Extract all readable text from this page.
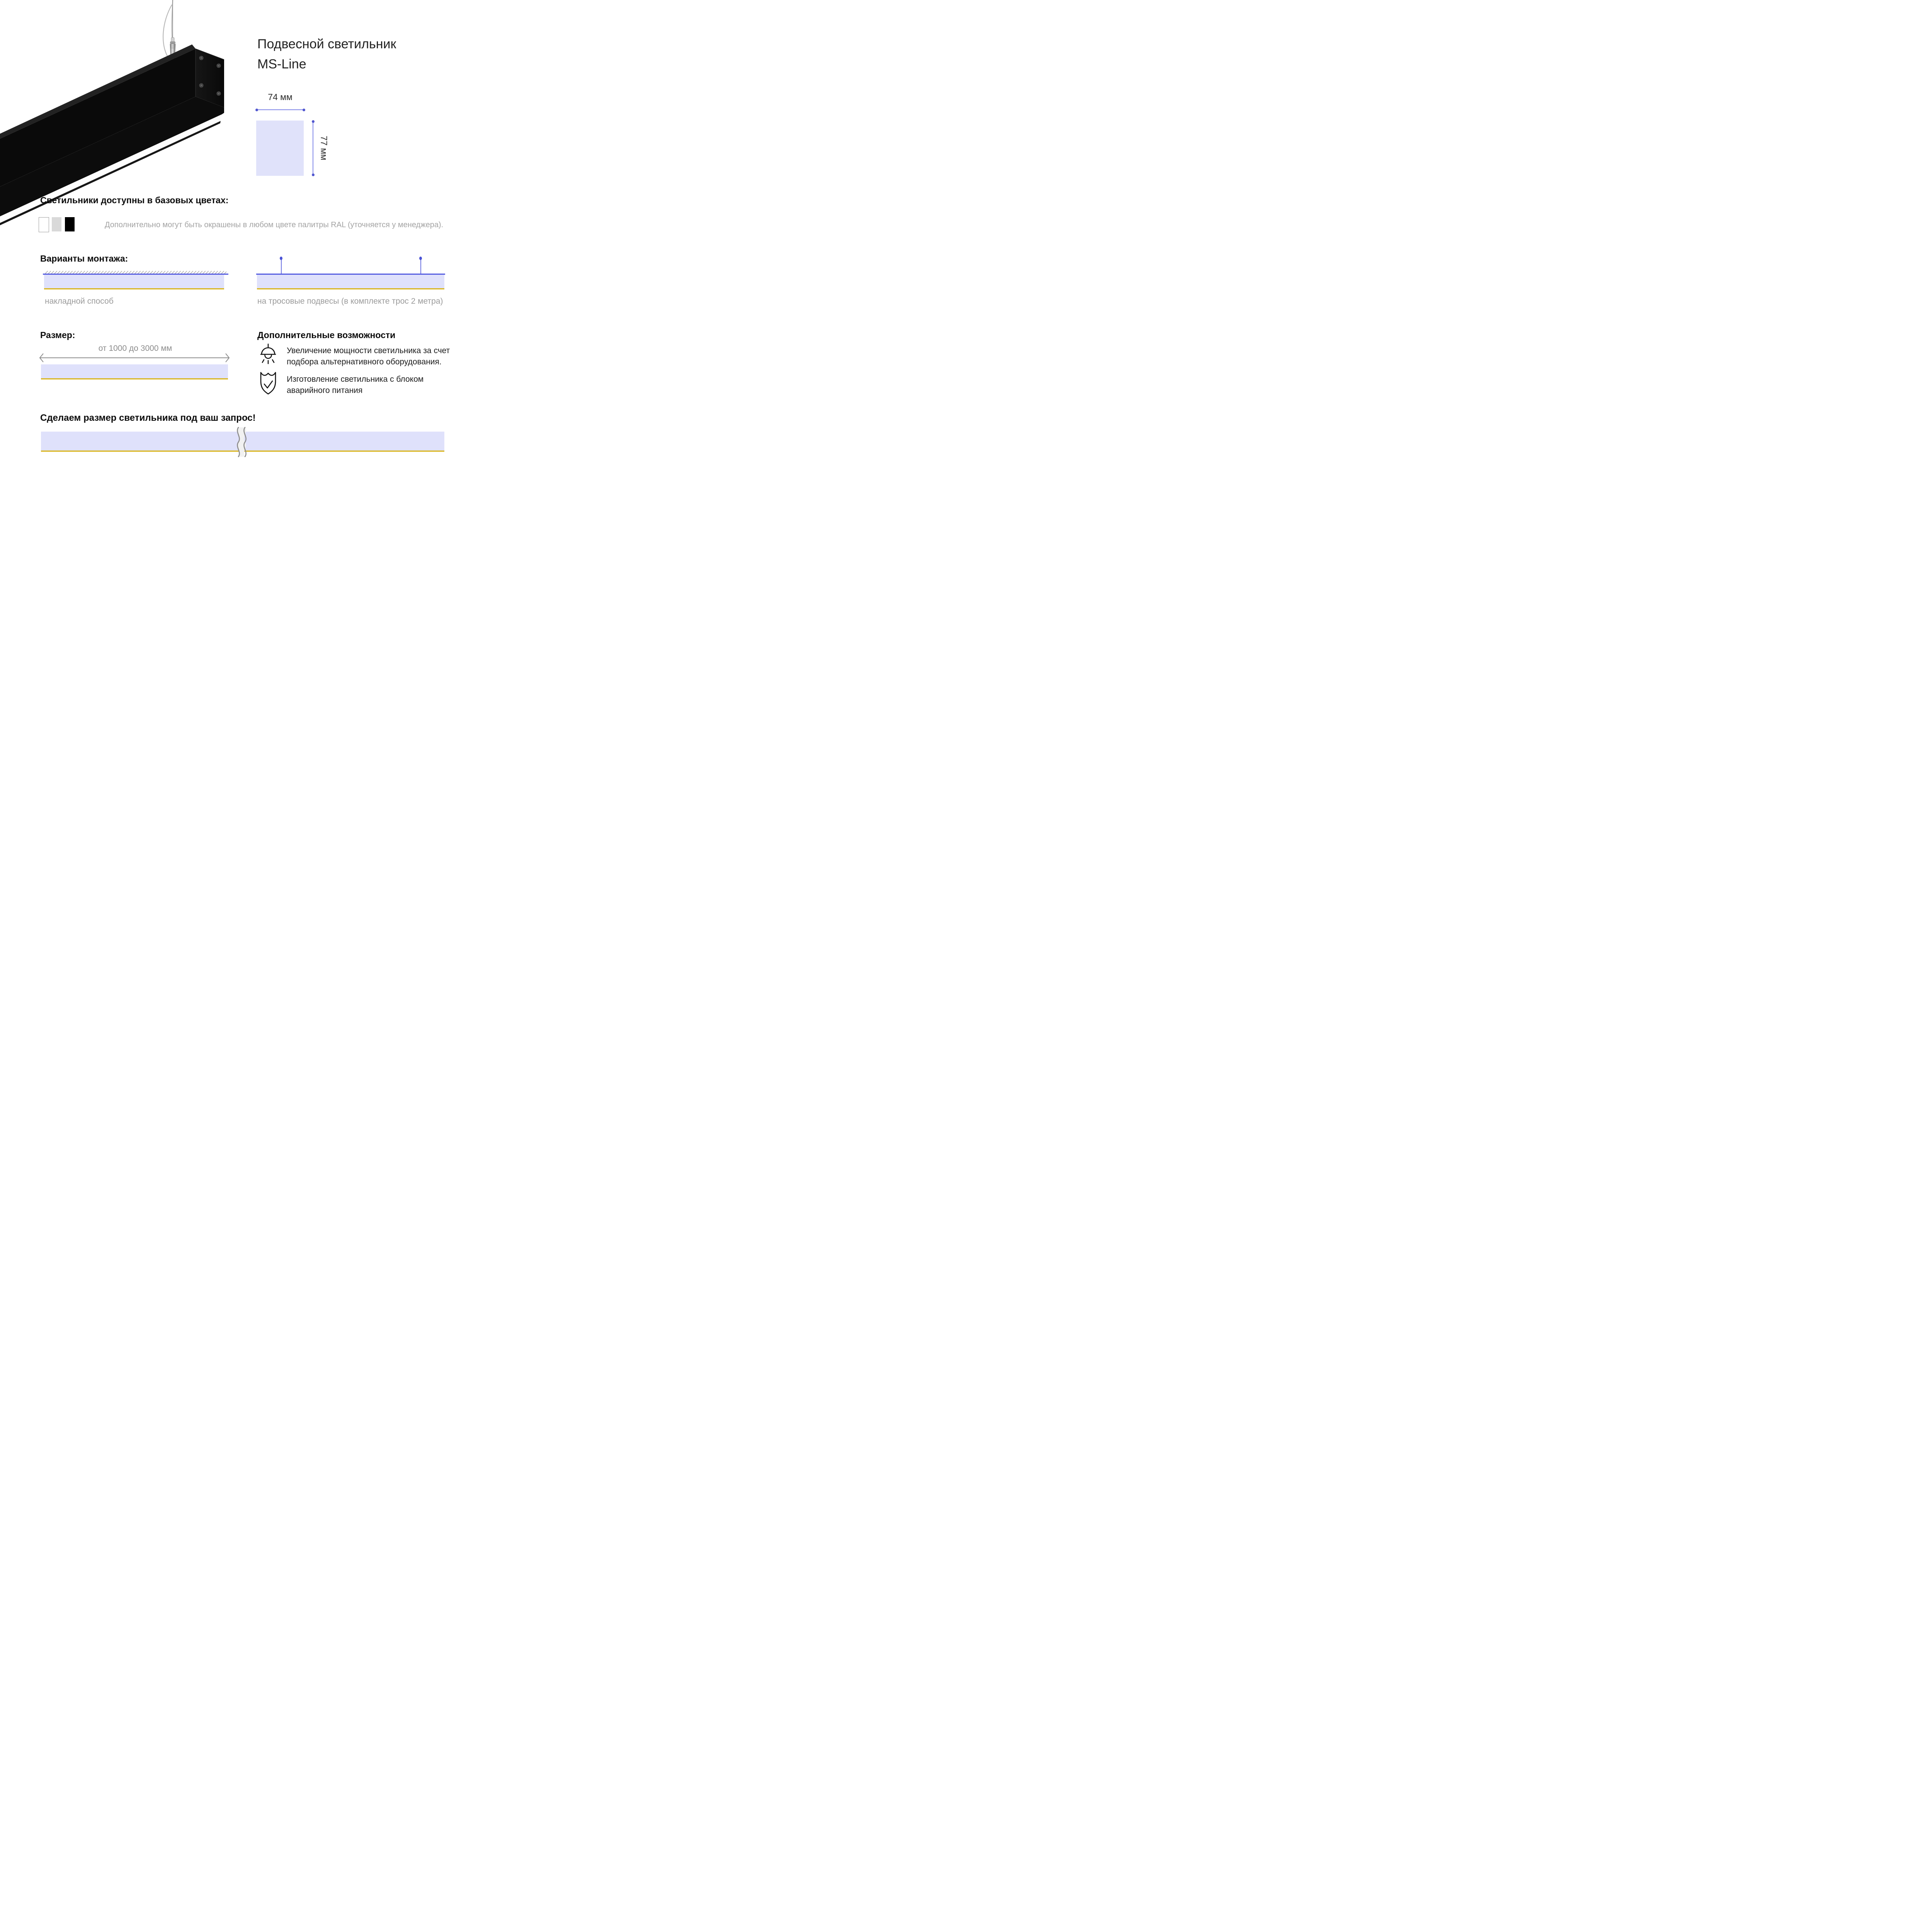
Подвесной светильник
MS-Line
74 мм
77 мм
Светильники доступны в базовых цветах:
Дополнительно могут быть окрашены в любом цвете палитры RAL (уточняется у менеджера).
Варианты монтажа:
накладной способ	на тросовые подвесы (в комплекте трос 2 метра)
Размер:
от 1000 до 3000 мм
Дополнительные возможности
Увеличение мощности светильника за счет подбора альтернативного оборудования.
Изготовление светильника с блоком аварийного питания
Сделаем размер светильника под ваш запрос!
